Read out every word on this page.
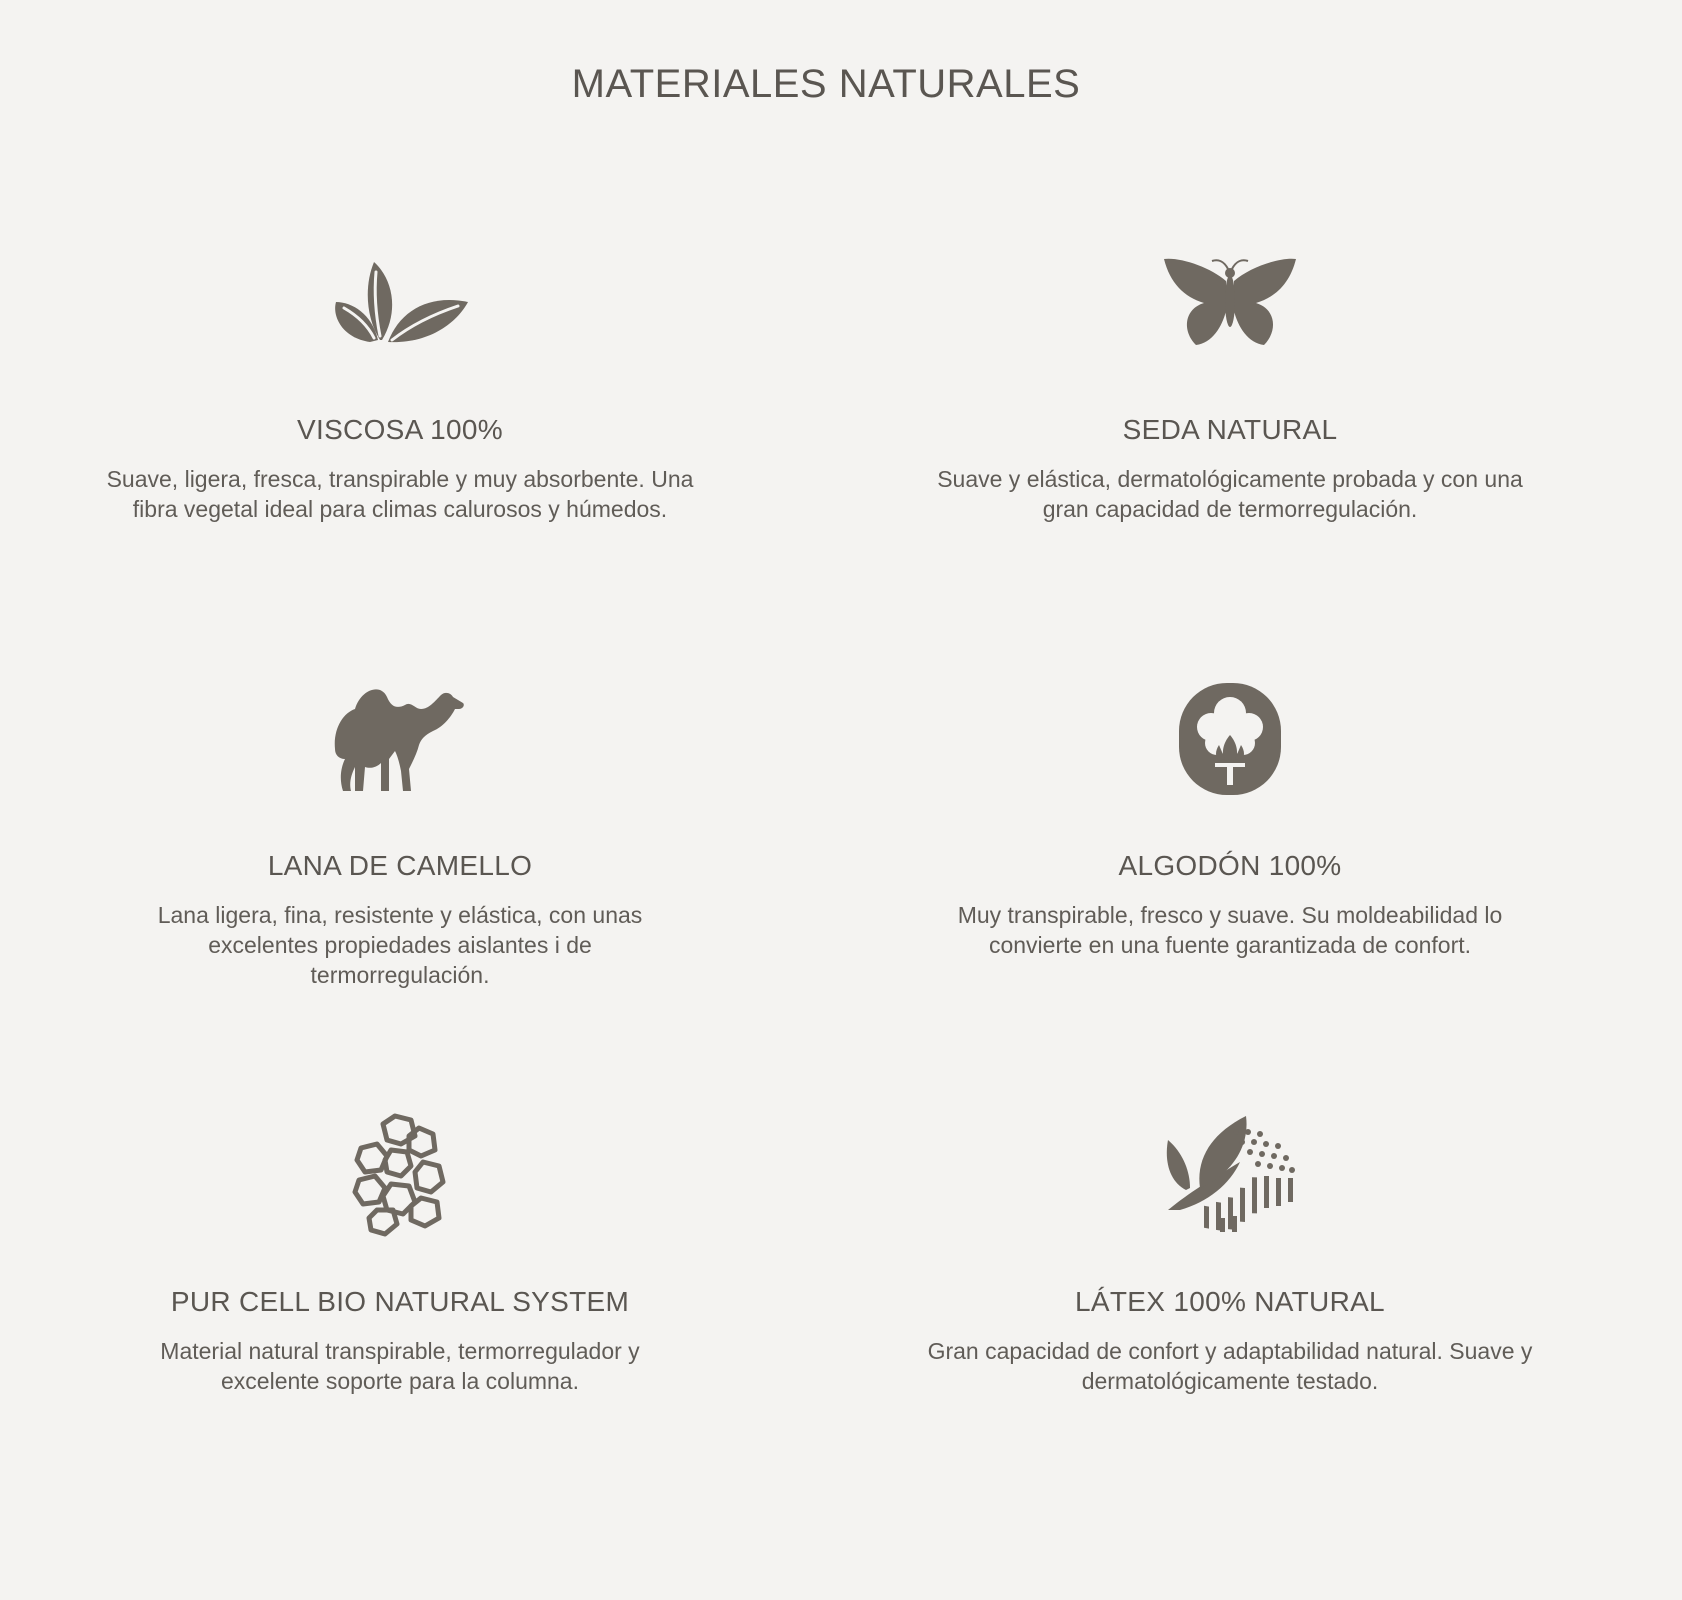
MATERIALES NATURALES
VISCOSA 100%

Suave, ligera, fresca, transpirable y muy absorbente. Una fibra vegetal ideal para climas calurosos y húmedos.

SEDA NATURAL

Suave y elástica, dermatológicamente probada y con una gran capacidad de termorregulación.

LANA DE CAMELLO

Lana ligera, fina, resistente y elástica, con unas excelentes propiedades aislantes i de termorregulación.

ALGODÓN 100%

Muy transpirable, fresco y suave. Su moldeabilidad lo convierte en una fuente garantizada de confort.

PUR CELL BIO NATURAL SYSTEM

Material natural transpirable, termorregulador y excelente soporte para la columna.

LÁTEX 100% NATURAL

Gran capacidad de confort y adaptabilidad natural. Suave y dermatológicamente testado.
